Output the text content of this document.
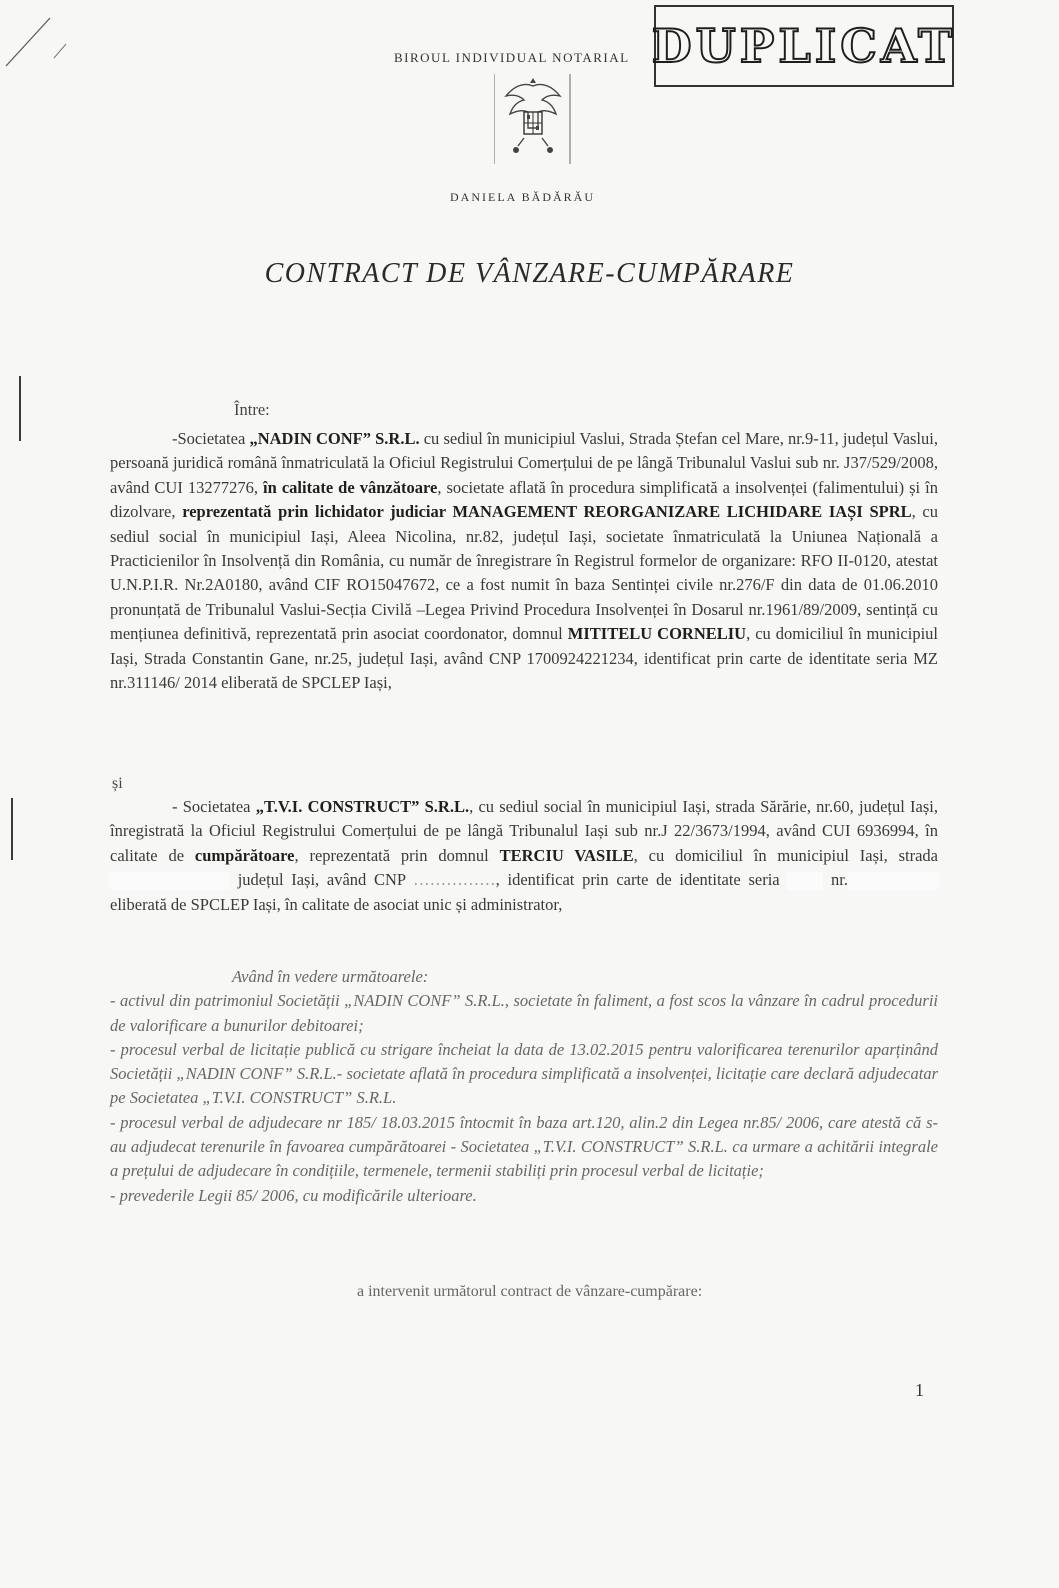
BIROUL INDIVIDUAL NOTARIAL DUPLICAT
DANIELA BĂDĂRĂU
CONTRACT DE VÂNZARE-CUMPĂRARE
Între:

-Societatea „NADIN CONF” S.R.L. cu sediul în municipiul Vaslui, Strada Ștefan cel Mare, nr.9-11, județul Vaslui, persoană juridică română înmatriculată la Oficiul Registrului Comerțului de pe lângă Tribunalul Vaslui sub nr. J37/529/2008, având CUI 13277276, în calitate de vânzătoare, societate aflată în procedura simplificată a insolvenței (falimentului) și în dizolvare, reprezentată prin lichidator judiciar MANAGEMENT REORGANIZARE LICHIDARE IAȘI SPRL, cu sediul social în municipiul Iași, Aleea Nicolina, nr.82, județul Iași, societate înmatriculată la Uniunea Națională a Practicienilor în Insolvență din România, cu număr de înregistrare în Registrul formelor de organizare: RFO II-0120, atestat U.N.P.I.R. Nr.2A0180, având CIF RO15047672, ce a fost numit în baza Sentinței civile nr.276/F din data de 01.06.2010 pronunțată de Tribunalul Vaslui-Secția Civilă –Legea Privind Procedura Insolvenței în Dosarul nr.1961/89/2009, sentință cu mențiunea definitivă, reprezentată prin asociat coordonator, domnul MITITELU CORNELIU, cu domiciliul în municipiul Iași, Strada Constantin Gane, nr.25, județul Iași, având CNP 1700924221234, identificat prin carte de identitate seria MZ nr.311146/ 2014 eliberată de SPCLEP Iași,

și

- Societatea „T.V.I. CONSTRUCT” S.R.L., cu sediul social în municipiul Iași, strada Sărărie, nr.60, județul Iași, înregistrată la Oficiul Registrului Comerțului de pe lângă Tribunalul Iași sub nr.J 22/3673/1994, având CUI 6936994, în calitate de cumpărătoare, reprezentată prin domnul TERCIU VASILE, cu domiciliul în municipiul Iași, strada  județul Iași, având CNP ……………, identificat prin carte de identitate seria  nr. eliberată de SPCLEP Iași, în calitate de asociat unic și administrator,

Având în vedere următoarele:

- activul din patrimoniul Societății „NADIN CONF” S.R.L., societate în faliment, a fost scos la vânzare în cadrul procedurii de valorificare a bunurilor debitoarei;

- procesul verbal de licitație publică cu strigare încheiat la data de 13.02.2015 pentru valorificarea terenurilor aparținând Societății „NADIN CONF” S.R.L.- societate aflată în procedura simplificată a insolvenței, licitație care declară adjudecatar pe Societatea „T.V.I. CONSTRUCT” S.R.L.

- procesul verbal de adjudecare nr 185/ 18.03.2015 întocmit în baza art.120, alin.2 din Legea nr.85/ 2006, care atestă că s-au adjudecat terenurile în favoarea cumpărătoarei - Societatea „T.V.I. CONSTRUCT” S.R.L. ca urmare a achitării integrale a prețului de adjudecare în condițiile, termenele, termenii stabiliți prin procesul verbal de licitație;

- prevederile Legii 85/ 2006, cu modificările ulterioare.

a intervenit următorul contract de vânzare-cumpărare:
1
